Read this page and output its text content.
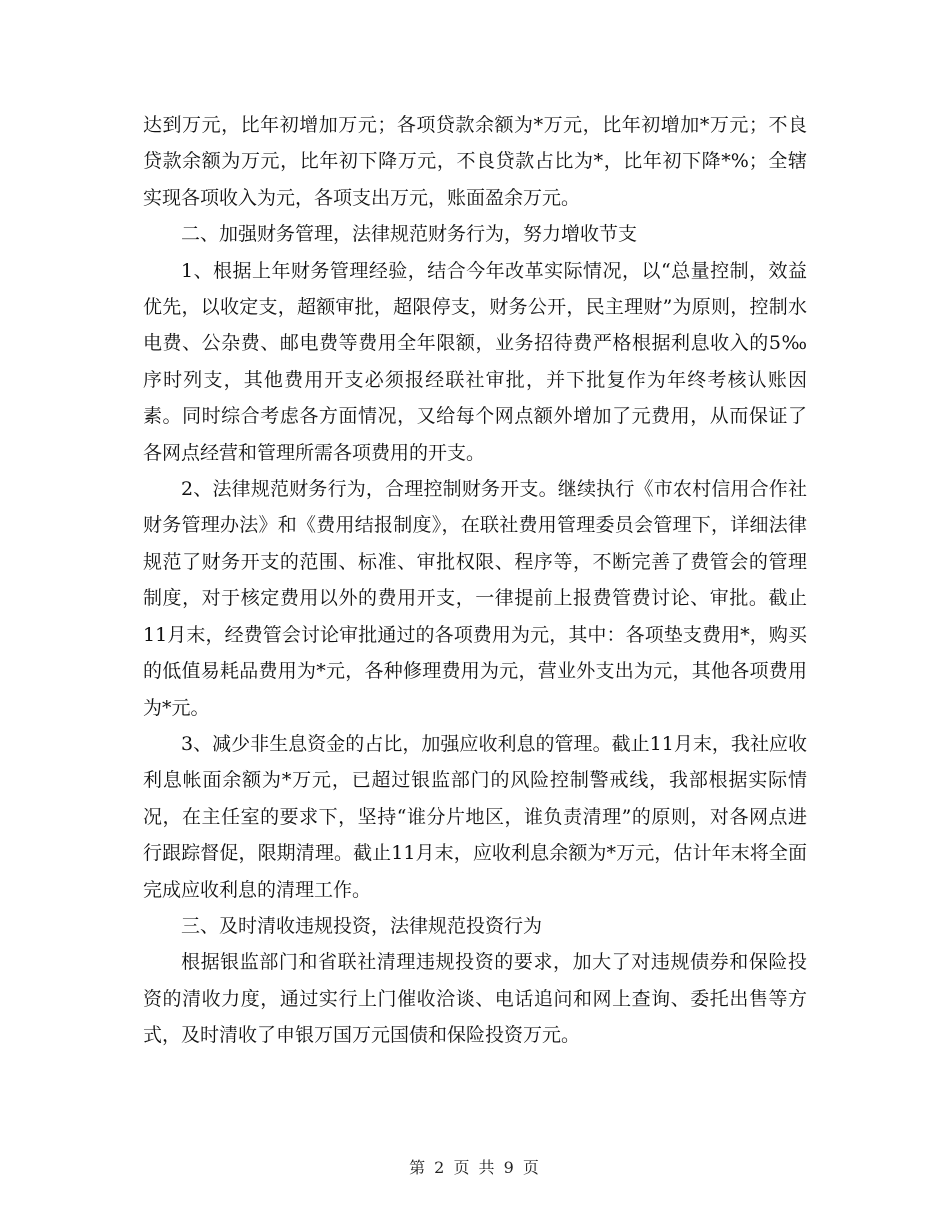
达到万元，比年初增加万元；各项贷款余额为*万元，比年初增加*万元；不良贷款余额为万元，比年初下降万元，不良贷款占比为*，比年初下降*%；全辖实现各项收入为元，各项支出万元，账面盈余万元。

二、加强财务管理，法律规范财务行为，努力增收节支

1、根据上年财务管理经验，结合今年改革实际情况，以“总量控制，效益优先，以收定支，超额审批，超限停支，财务公开，民主理财”为原则，控制水电费、公杂费、邮电费等费用全年限额，业务招待费严格根据利息收入的5‰序时列支，其他费用开支必须报经联社审批，并下批复作为年终考核认账因素。同时综合考虑各方面情况，又给每个网点额外增加了元费用，从而保证了各网点经营和管理所需各项费用的开支。

2、法律规范财务行为，合理控制财务开支。继续执行《市农村信用合作社财务管理办法》和《费用结报制度》，在联社费用管理委员会管理下，详细法律规范了财务开支的范围、标准、审批权限、程序等，不断完善了费管会的管理制度，对于核定费用以外的费用开支，一律提前上报费管费讨论、审批。截止11月末，经费管会讨论审批通过的各项费用为元，其中：各项垫支费用*，购买的低值易耗品费用为*元，各种修理费用为元，营业外支出为元，其他各项费用为*元。

3、减少非生息资金的占比，加强应收利息的管理。截止11月末，我社应收利息帐面余额为*万元，已超过银监部门的风险控制警戒线，我部根据实际情况，在主任室的要求下，坚持“谁分片地区，谁负责清理”的原则，对各网点进行跟踪督促，限期清理。截止11月末，应收利息余额为*万元，估计年末将全面完成应收利息的清理工作。

三、及时清收违规投资，法律规范投资行为

根据银监部门和省联社清理违规投资的要求，加大了对违规债券和保险投资的清收力度，通过实行上门催收洽谈、电话追问和网上查询、委托出售等方式，及时清收了申银万国万元国债和保险投资万元。

第 2 页 共 9 页
